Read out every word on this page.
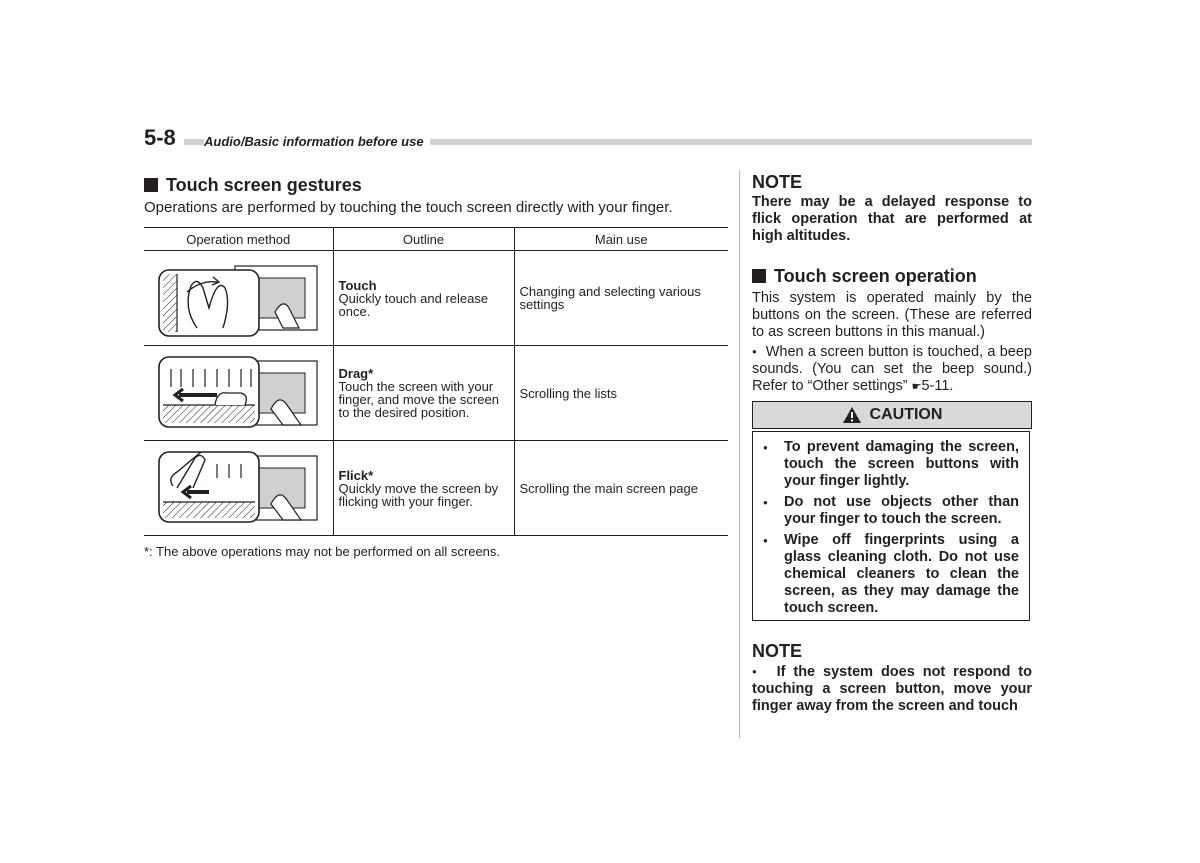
5-8	Audio/Basic information before use
Touch screen gestures
Operations are performed by touching the touch screen directly with your finger.
Operation method	Outline	Main use

Touch
Quickly touch and release once.	Changing and selecting various settings

Drag*
Touch the screen with your finger, and move the screen to the desired position.	Scrolling the lists

Flick*
Quickly move the screen by flicking with your finger.	Scrolling the main screen page
*: The above operations may not be performed on all screens.
NOTE
There may be a delayed response to flick operation that are performed at high altitudes.
Touch screen operation
This system is operated mainly by the buttons on the screen. (These are referred to as screen buttons in this manual.)
● When a screen button is touched, a beep sounds. (You can set the beep sound.) Refer to “Other settings” ☛5-11.
CAUTION
● To prevent damaging the screen, touch the screen buttons with your finger lightly.
● Do not use objects other than your finger to touch the screen.
● Wipe off fingerprints using a glass cleaning cloth. Do not use chemical cleaners to clean the screen, as they may damage the touch screen.
NOTE
● If the system does not respond to touching a screen button, move your finger away from the screen and touch
